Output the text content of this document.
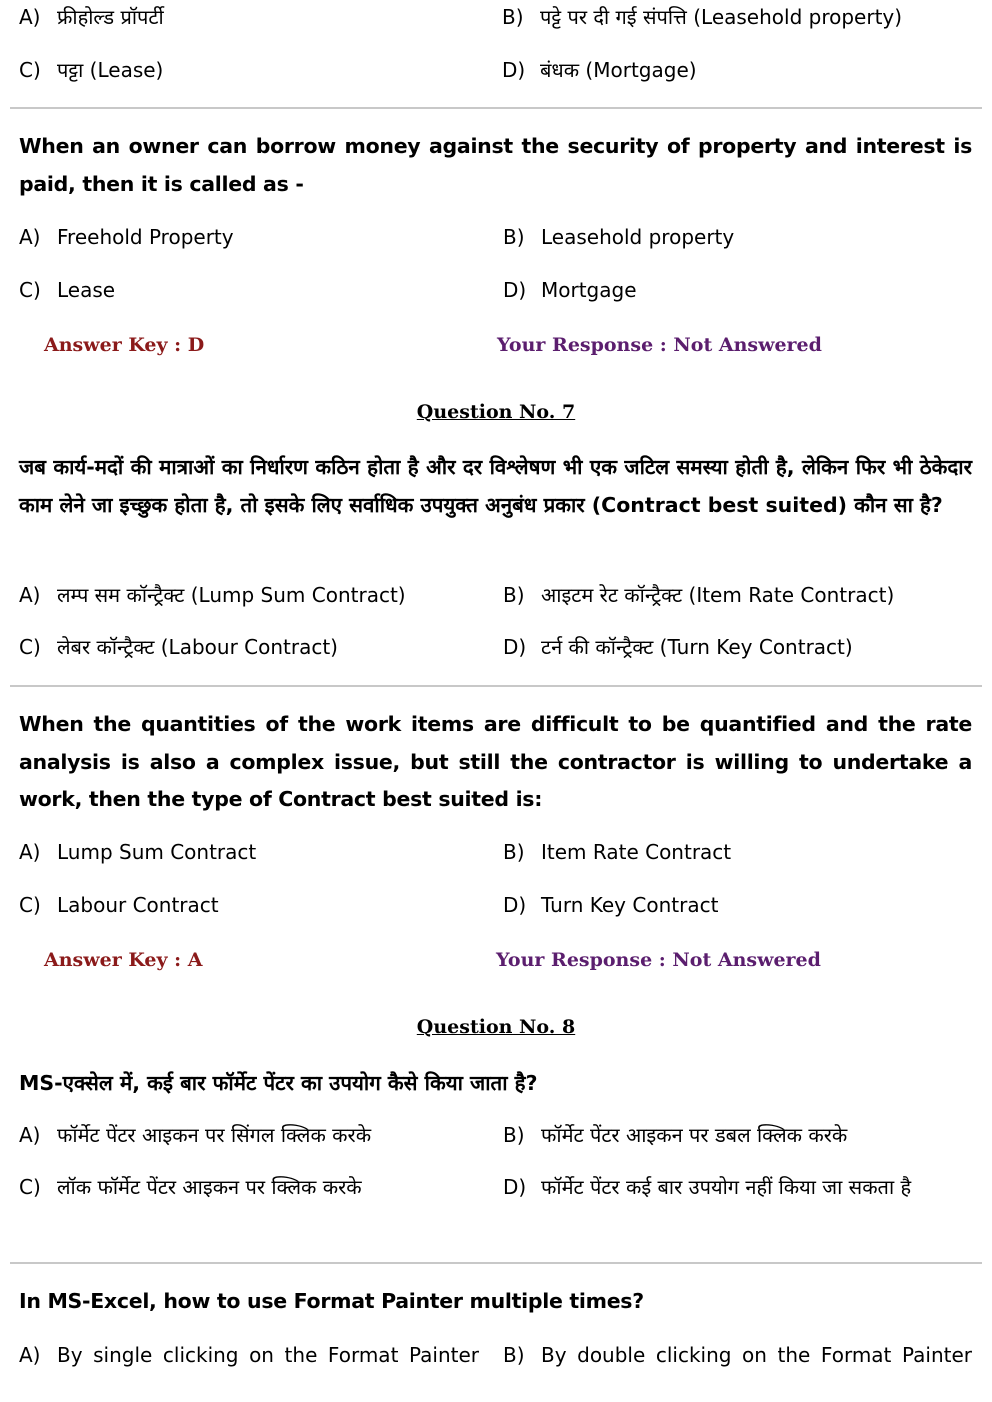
A) फ्रीहोल्ड प्रॉपर्टी	B) पट्टे पर दी गई संपत्ति (Leasehold property)
C) पट्टा (Lease)	D) बंधक (Mortgage)
When an owner can borrow money against the security of property and interest is paid, then it is called as -
A) Freehold Property	B) Leasehold property
C) Lease	D) Mortgage
Answer Key : D	Your Response : Not Answered
Question No. 7
जब कार्य-मदों की मात्राओं का निर्धारण कठिन होता है और दर विश्लेषण भी एक जटिल समस्या होती है, लेकिन फिर भी ठेकेदार काम लेने जा इच्छुक होता है, तो इसके लिए सर्वाधिक उपयुक्त अनुबंध प्रकार (Contract best suited) कौन सा है?
A) लम्प सम कॉन्ट्रैक्ट (Lump Sum Contract)	B) आइटम रेट कॉन्ट्रैक्ट (Item Rate Contract)
C) लेबर कॉन्ट्रैक्ट (Labour Contract)	D) टर्न की कॉन्ट्रैक्ट (Turn Key Contract)
When the quantities of the work items are difficult to be quantified and the rate analysis is also a complex issue, but still the contractor is willing to undertake a work, then the type of Contract best suited is:
A) Lump Sum Contract	B) Item Rate Contract
C) Labour Contract	D) Turn Key Contract
Answer Key : A	Your Response : Not Answered
Question No. 8
MS-एक्सेल में, कई बार फॉर्मेट पेंटर का उपयोग कैसे किया जाता है?
A) फॉर्मेट पेंटर आइकन पर सिंगल क्लिक करके	B) फॉर्मेट पेंटर आइकन पर डबल क्लिक करके
C) लॉक फॉर्मेट पेंटर आइकन पर क्लिक करके	D) फॉर्मेट पेंटर कई बार उपयोग नहीं किया जा सकता है
In MS-Excel, how to use Format Painter multiple times?
A) By single clicking on the Format Painter B) By double clicking on the Format Painter
